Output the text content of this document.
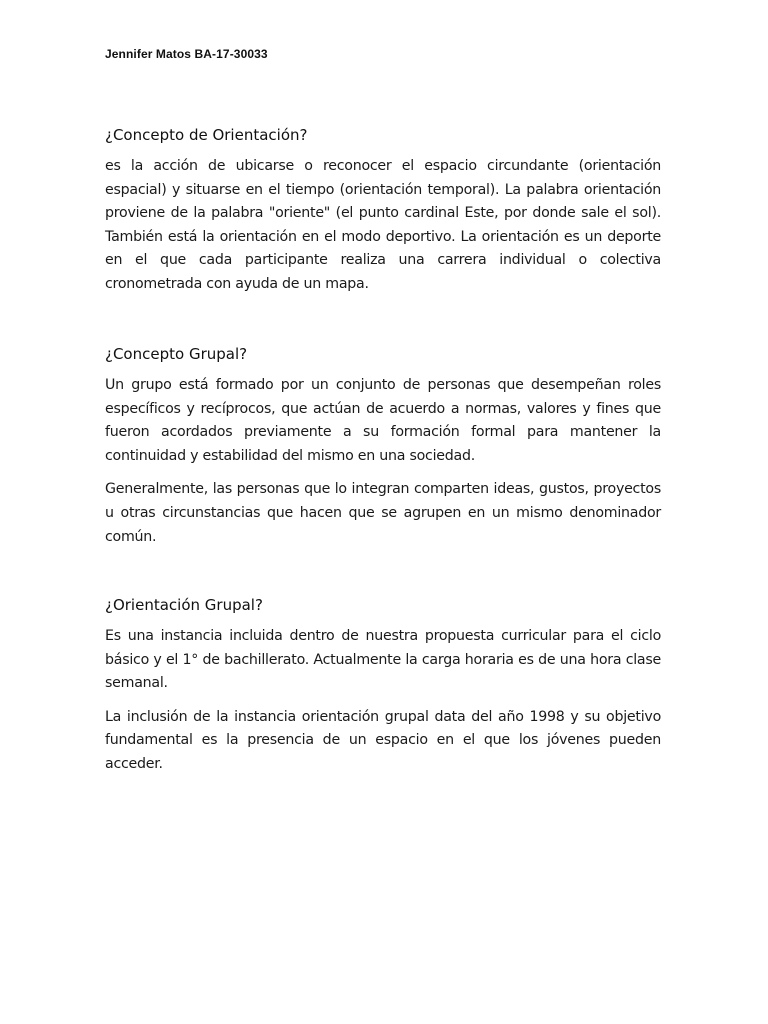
Jennifer Matos BA-17-30033
¿Concepto de Orientación?

es la acción de ubicarse o reconocer el espacio circundante (orientación espacial) y situarse en el tiempo (orientación temporal). La palabra orientación proviene de la palabra "oriente" (el punto cardinal Este, por donde sale el sol). También está la orientación en el modo deportivo. La orientación es un deporte en el que cada participante realiza una carrera individual o colectiva cronometrada con ayuda de un mapa.

¿Concepto Grupal?

Un grupo está formado por un conjunto de personas que desempeñan roles específicos y recíprocos, que actúan de acuerdo a normas, valores y fines que fueron acordados previamente a su formación formal para mantener la continuidad y estabilidad del mismo en una sociedad.

Generalmente, las personas que lo integran comparten ideas, gustos, proyectos u otras circunstancias que hacen que se agrupen en un mismo denominador común.

¿Orientación Grupal?

Es una instancia incluida dentro de nuestra propuesta curricular para el ciclo básico y el 1° de bachillerato. Actualmente la carga horaria es de una hora clase semanal.

La inclusión de la instancia orientación grupal data del año 1998 y su objetivo fundamental es la presencia de un espacio en el que los jóvenes pueden acceder.
